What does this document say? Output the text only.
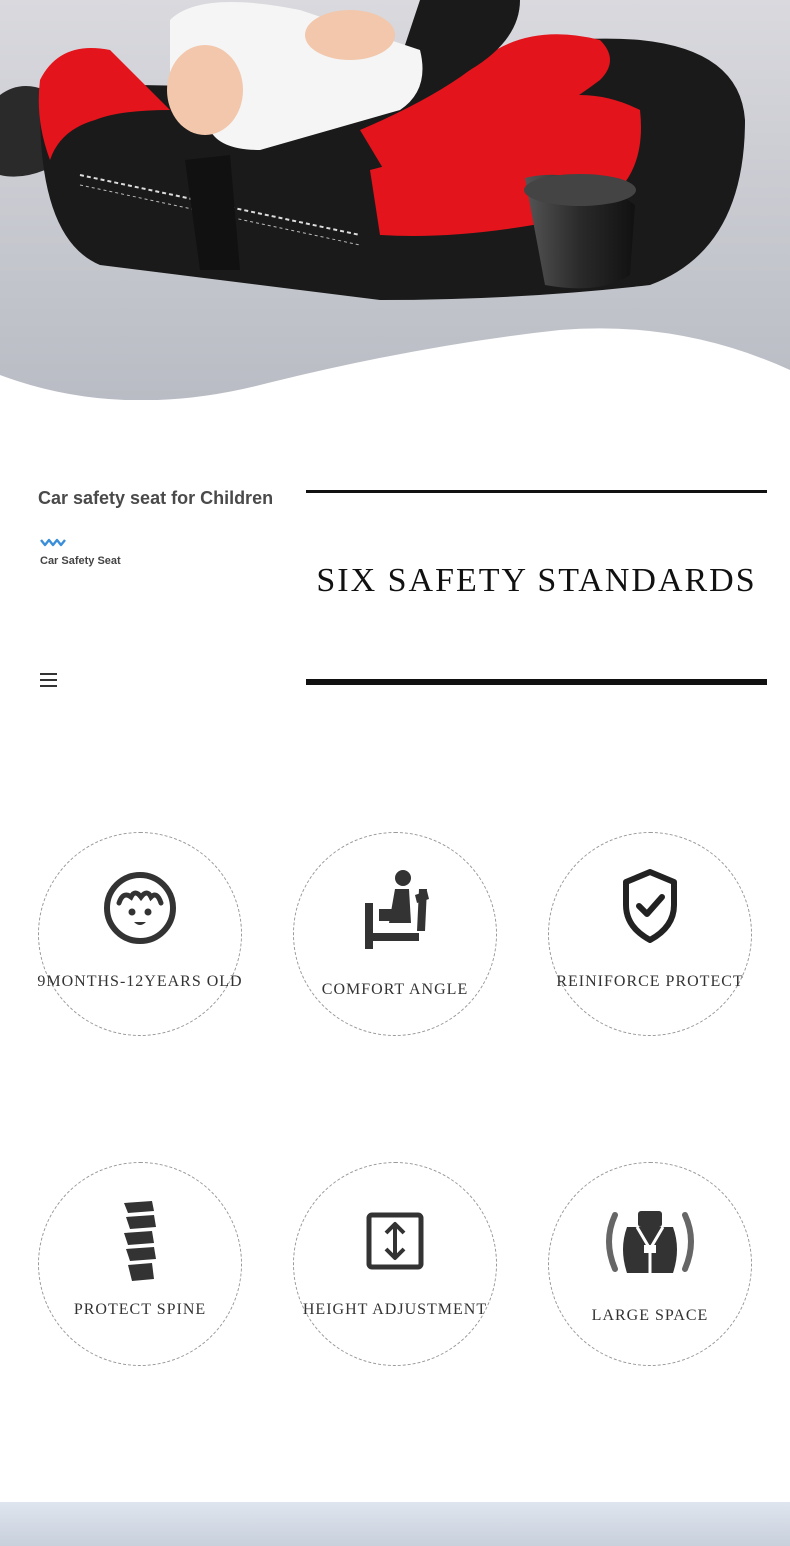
Car safety seat for Children
Car Safety Seat
SIX SAFETY STANDARDS
9MONTHS-12YEARS OLD	COMFORT ANGLE	REINIFORCE PROTECT
PROTECT SPINE	HEIGHT ADJUSTMENT	LARGE SPACE
